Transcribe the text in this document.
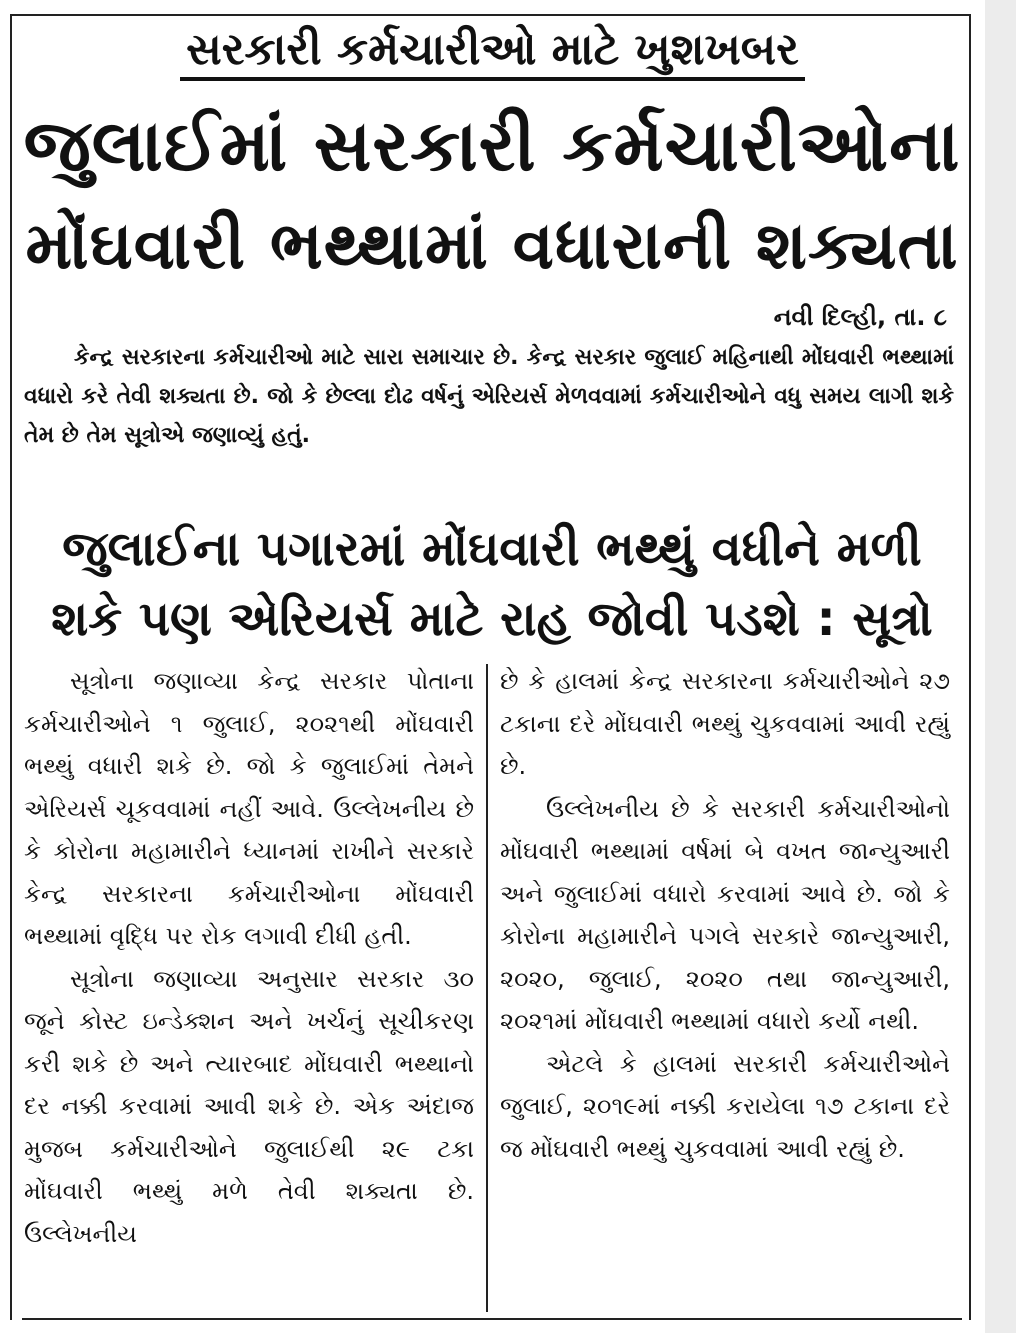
સરકારી કર્મચારીઓ માટે ખુશખબર
જુલાઈમાં સરકારી કર્મચારીઓના
મોંઘવારી ભથ્થામાં વધારાની શક્યતા
નવી દિલ્હી, તા. ૮
કેન્દ્ર સરકારના કર્મચારીઓ માટે સારા સમાચાર છે. કેન્દ્ર સરકાર જુલાઈ મહિનાથી મોંઘવારી ભથ્થામાં વધારો કરે તેવી શક્યતા છે. જો કે છેલ્લા દોઢ વર્ષનું એરિયર્સ મેળવવામાં કર્મચારીઓને વધુ સમય લાગી શકે તેમ છે તેમ સૂત્રોએ જણાવ્યું હતું.
જુલાઈના પગારમાં મોંઘવારી ભથ્થું વધીને મળી
શકે પણ એરિયર્સ માટે રાહ જોવી પડશે : સૂત્રો

સૂત્રોના જણાવ્યા કેન્દ્ર સરકાર પોતાના કર્મચારીઓને ૧ જુલાઈ, ૨૦૨૧થી મોંઘવારી ભથ્થું વધારી શકે છે. જો કે જુલાઈમાં તેમને એરિયર્સ ચૂકવવામાં નહીં આવે. ઉલ્લેખનીય છે કે કોરોના મહામારીને ધ્યાનમાં રાખીને સરકારે કેન્દ્ર સરકારના કર્મચારીઓના મોંઘવારી ભથ્થામાં વૃદ્ધિ પર રોક લગાવી દીધી હતી.

સૂત્રોના જણાવ્યા અનુસાર સરકાર ૩૦ જૂને કોસ્ટ ઇન્ડેક્શન અને ખર્ચનું સૂચીકરણ કરી શકે છે અને ત્યારબાદ મોંઘવારી ભથ્થાનો દર નક્કી કરવામાં આવી શકે છે. એક અંદાજ મુજબ કર્મચારીઓને જુલાઈથી ૨૯ ટકા મોંઘવારી ભથ્થું મળે તેવી શક્યતા છે. ઉલ્લેખનીય

છે કે હાલમાં કેન્દ્ર સરકારના કર્મચારીઓને ૨૭ ટકાના દરે મોંઘવારી ભથ્થું ચુકવવામાં આવી રહ્યું છે.

ઉલ્લેખનીય છે કે સરકારી કર્મચારીઓનો મોંઘવારી ભથ્થામાં વર્ષમાં બે વખત જાન્યુઆરી અને જુલાઈમાં વધારો કરવામાં આવે છે. જો કે કોરોના મહામારીને પગલે સરકારે જાન્યુઆરી, ૨૦૨૦, જુલાઈ, ૨૦૨૦ તથા જાન્યુઆરી, ૨૦૨૧માં મોંઘવારી ભથ્થામાં વધારો કર્યો નથી.

એટલે કે હાલમાં સરકારી કર્મચારીઓને જુલાઈ, ૨૦૧૯માં નક્કી કરાયેલા ૧૭ ટકાના દરે જ મોંઘવારી ભથ્થું ચુકવવામાં આવી રહ્યું છે.
